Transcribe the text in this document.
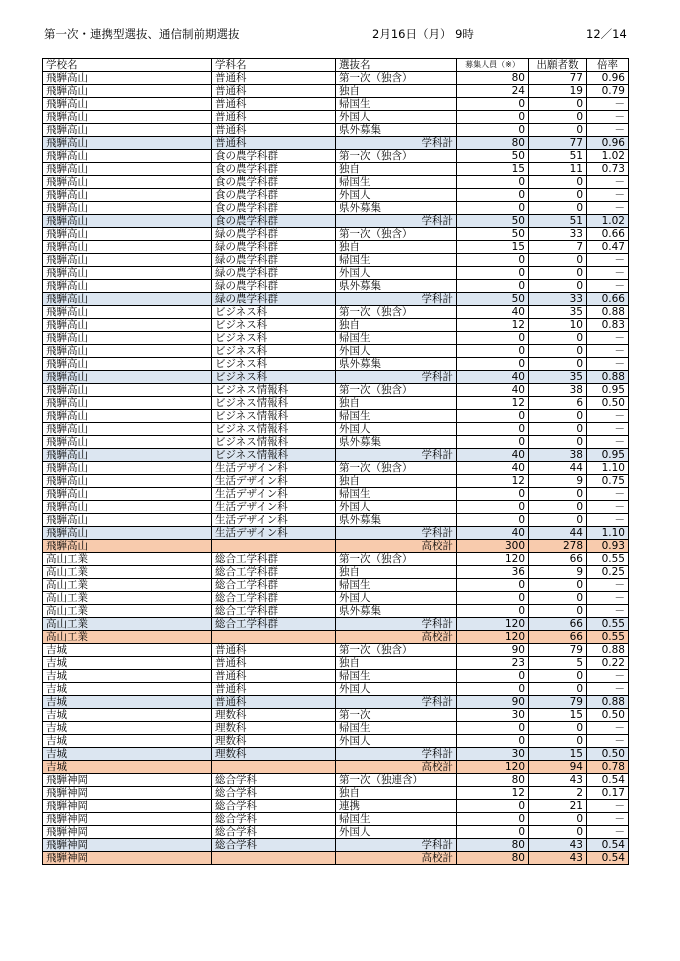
第一次・連携型選抜、通信制前期選抜	2月16日（月） 9時	12／14
学校名	学科名	選抜名	募集人員（※）	出願者数	倍率
飛騨高山	普通科	第一次（独含）	80	77	0.96
飛騨高山	普通科	独自	24	19	0.79
飛騨高山	普通科	帰国生	0	0	－
飛騨高山	普通科	外国人	0	0	－
飛騨高山	普通科	県外募集	0	0	－
飛騨高山	普通科	学科計	80	77	0.96
飛騨高山	食の農学科群	第一次（独含）	50	51	1.02
飛騨高山	食の農学科群	独自	15	11	0.73
飛騨高山	食の農学科群	帰国生	0	0	－
飛騨高山	食の農学科群	外国人	0	0	－
飛騨高山	食の農学科群	県外募集	0	0	－
飛騨高山	食の農学科群	学科計	50	51	1.02
飛騨高山	緑の農学科群	第一次（独含）	50	33	0.66
飛騨高山	緑の農学科群	独自	15	7	0.47
飛騨高山	緑の農学科群	帰国生	0	0	－
飛騨高山	緑の農学科群	外国人	0	0	－
飛騨高山	緑の農学科群	県外募集	0	0	－
飛騨高山	緑の農学科群	学科計	50	33	0.66
飛騨高山	ビジネス科	第一次（独含）	40	35	0.88
飛騨高山	ビジネス科	独自	12	10	0.83
飛騨高山	ビジネス科	帰国生	0	0	－
飛騨高山	ビジネス科	外国人	0	0	－
飛騨高山	ビジネス科	県外募集	0	0	－
飛騨高山	ビジネス科	学科計	40	35	0.88
飛騨高山	ビジネス情報科	第一次（独含）	40	38	0.95
飛騨高山	ビジネス情報科	独自	12	6	0.50
飛騨高山	ビジネス情報科	帰国生	0	0	－
飛騨高山	ビジネス情報科	外国人	0	0	－
飛騨高山	ビジネス情報科	県外募集	0	0	－
飛騨高山	ビジネス情報科	学科計	40	38	0.95
飛騨高山	生活デザイン科	第一次（独含）	40	44	1.10
飛騨高山	生活デザイン科	独自	12	9	0.75
飛騨高山	生活デザイン科	帰国生	0	0	－
飛騨高山	生活デザイン科	外国人	0	0	－
飛騨高山	生活デザイン科	県外募集	0	0	－
飛騨高山	生活デザイン科	学科計	40	44	1.10
飛騨高山		高校計	300	278	0.93
高山工業	総合工学科群	第一次（独含）	120	66	0.55
高山工業	総合工学科群	独自	36	9	0.25
高山工業	総合工学科群	帰国生	0	0	－
高山工業	総合工学科群	外国人	0	0	－
高山工業	総合工学科群	県外募集	0	0	－
高山工業	総合工学科群	学科計	120	66	0.55
高山工業		高校計	120	66	0.55
吉城	普通科	第一次（独含）	90	79	0.88
吉城	普通科	独自	23	5	0.22
吉城	普通科	帰国生	0	0	－
吉城	普通科	外国人	0	0	－
吉城	普通科	学科計	90	79	0.88
吉城	理数科	第一次	30	15	0.50
吉城	理数科	帰国生	0	0	－
吉城	理数科	外国人	0	0	－
吉城	理数科	学科計	30	15	0.50
吉城		高校計	120	94	0.78
飛騨神岡	総合学科	第一次（独連含）	80	43	0.54
飛騨神岡	総合学科	独自	12	2	0.17
飛騨神岡	総合学科	連携	0	21	－
飛騨神岡	総合学科	帰国生	0	0	－
飛騨神岡	総合学科	外国人	0	0	－
飛騨神岡	総合学科	学科計	80	43	0.54
飛騨神岡		高校計	80	43	0.54
